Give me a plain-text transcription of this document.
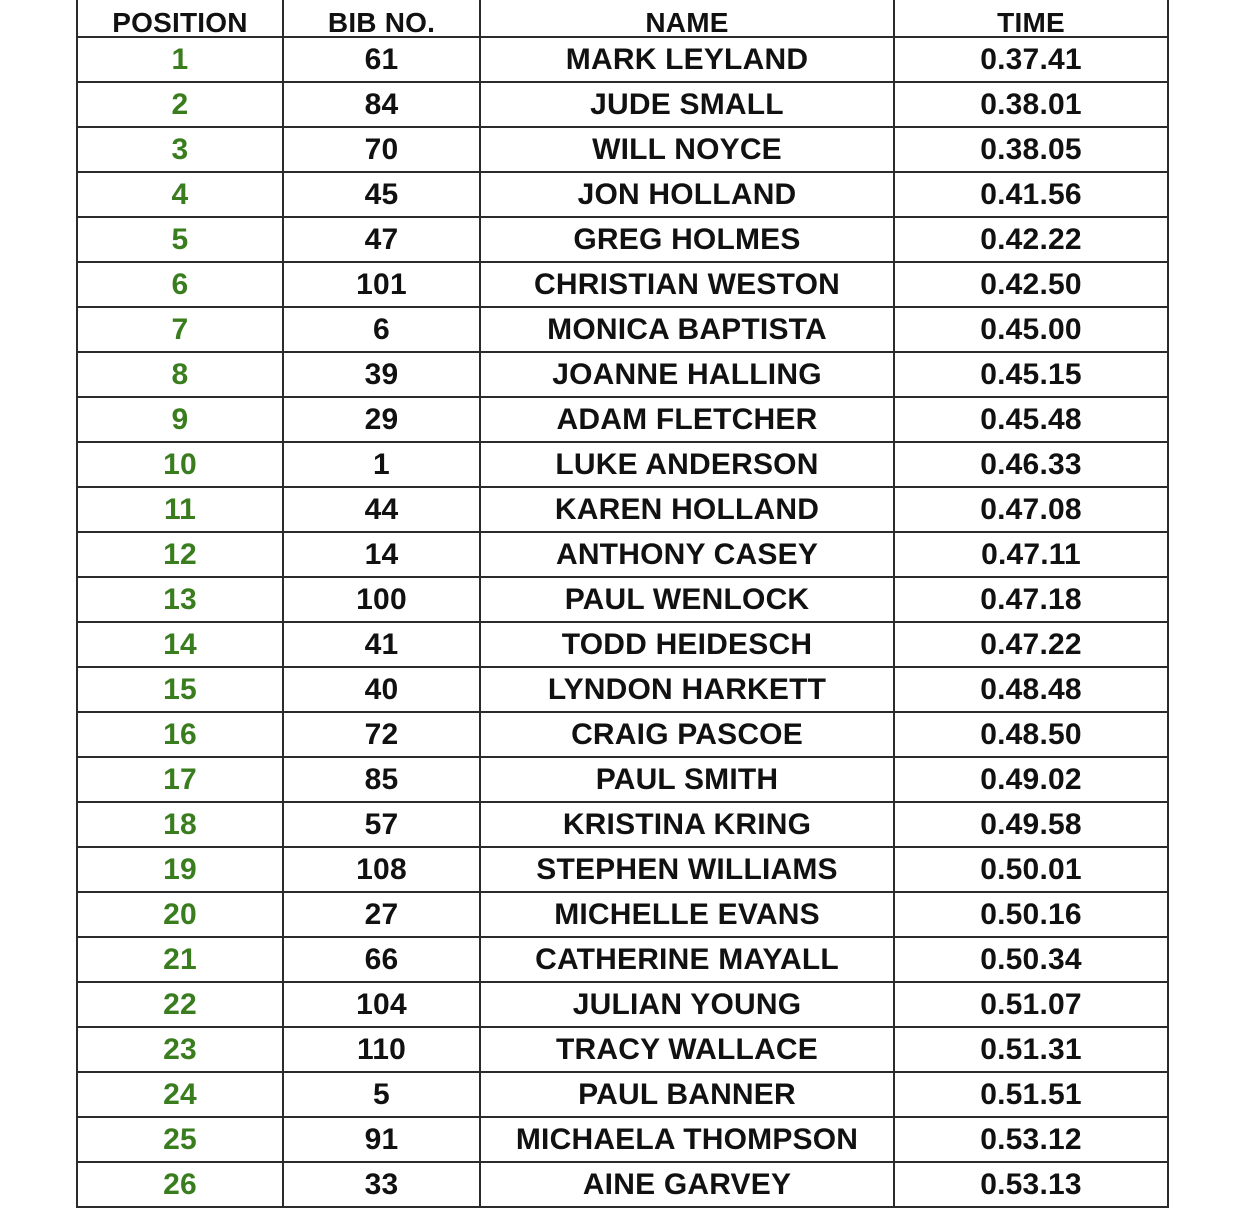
POSITION	BIB NO.	NAME	TIME
1	61	MARK LEYLAND	0.37.41
2	84	JUDE SMALL	0.38.01
3	70	WILL NOYCE	0.38.05
4	45	JON HOLLAND	0.41.56
5	47	GREG HOLMES	0.42.22
6	101	CHRISTIAN WESTON	0.42.50
7	6	MONICA BAPTISTA	0.45.00
8	39	JOANNE HALLING	0.45.15
9	29	ADAM FLETCHER	0.45.48
10	1	LUKE ANDERSON	0.46.33
11	44	KAREN HOLLAND	0.47.08
12	14	ANTHONY CASEY	0.47.11
13	100	PAUL WENLOCK	0.47.18
14	41	TODD HEIDESCH	0.47.22
15	40	LYNDON HARKETT	0.48.48
16	72	CRAIG PASCOE	0.48.50
17	85	PAUL SMITH	0.49.02
18	57	KRISTINA KRING	0.49.58
19	108	STEPHEN WILLIAMS	0.50.01
20	27	MICHELLE EVANS	0.50.16
21	66	CATHERINE MAYALL	0.50.34
22	104	JULIAN YOUNG	0.51.07
23	110	TRACY WALLACE	0.51.31
24	5	PAUL BANNER	0.51.51
25	91	MICHAELA THOMPSON	0.53.12
26	33	AINE GARVEY	0.53.13
